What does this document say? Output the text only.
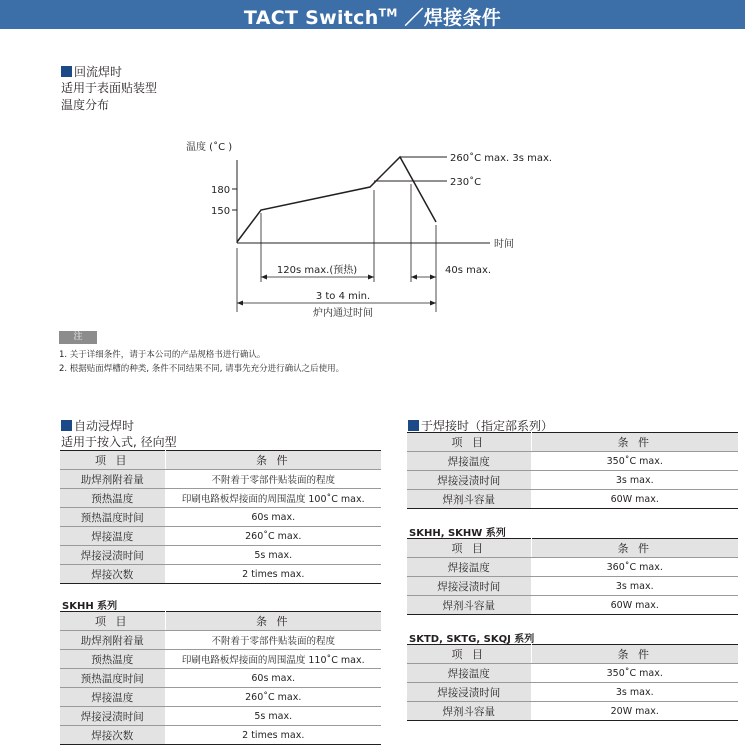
TACT Switch™ ／焊接条件
回流焊时
适用于表面贴装型
温度分布
温度 (˚C )
180
150
260˚C max. 3s max.
230˚C
时间
120s max.(预热)	40s max.
3 to 4 min.
炉内通过时间
注
1. 关于详细条件，请于本公司的产品规格书进行确认。
2. 根据贴面焊槽的种类, 条件不同结果不同, 请事先充分进行确认之后使用。
自动浸焊时
适用于按入式, 径向型
项 目	条 件
助焊剂附着量	不附着于零部件贴装面的程度
预热温度	印刷电路板焊接面的周围温度 100˚C max.
预热温度时间	60s max.
焊接温度	260˚C max.
焊接浸渍时间	5s max.
焊接次数	2 times max.
SKHH 系列
项 目	条 件
助焊剂附着量	不附着于零部件贴装面的程度
预热温度	印刷电路板焊接面的周围温度 110˚C max.
预热温度时间	60s max.
焊接温度	260˚C max.
焊接浸渍时间	5s max.
焊接次数	2 times max.
于焊接时（指定部系列）
项 目	条 件
焊接温度	350˚C max.
焊接浸渍时间	3s max.
焊剂斗容量	60W max.
SKHH, SKHW 系列
项 目	条 件
焊接温度	360˚C max.
焊接浸渍时间	3s max.
焊剂斗容量	60W max.
SKTD, SKTG, SKQJ 系列
项 目	条 件
焊接温度	350˚C max.
焊接浸渍时间	3s max.
焊剂斗容量	20W max.
